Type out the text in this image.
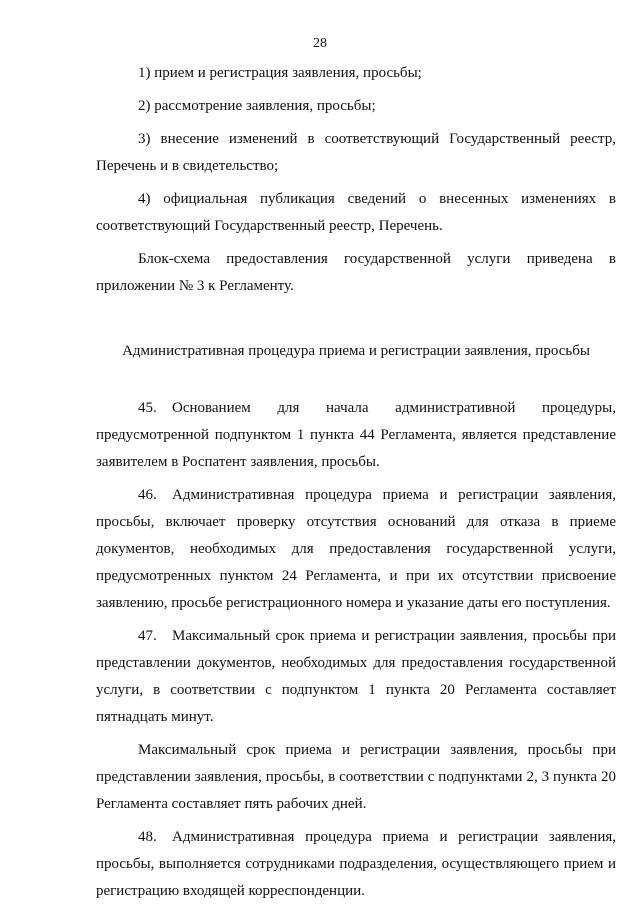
28

1) прием и регистрация заявления, просьбы;

2) рассмотрение заявления, просьбы;

3) внесение изменений в соответствующий Государственный реестр, Перечень и в свидетельство;

4) официальная публикация сведений о внесенных изменениях в соответствующий Государственный реестр, Перечень.

Блок-схема предоставления государственной услуги приведена в приложении № 3 к Регламенту.

Административная процедура приема и регистрации заявления, просьбы

45. Основанием для начала административной процедуры, предусмотренной подпунктом 1 пункта 44 Регламента, является представление заявителем в Роспатент заявления, просьбы.

46. Административная процедура приема и регистрации заявления, просьбы, включает проверку отсутствия оснований для отказа в приеме документов, необходимых для предоставления государственной услуги, предусмотренных пунктом 24 Регламента, и при их отсутствии присвоение заявлению, просьбе регистрационного номера и указание даты его поступления.

47. Максимальный срок приема и регистрации заявления, просьбы при представлении документов, необходимых для предоставления государственной услуги, в соответствии с подпунктом 1 пункта 20 Регламента составляет пятнадцать минут.

Максимальный срок приема и регистрации заявления, просьбы при представлении заявления, просьбы, в соответствии с подпунктами 2, 3 пункта 20 Регламента составляет пять рабочих дней.

48. Административная процедура приема и регистрации заявления, просьбы, выполняется сотрудниками подразделения, осуществляющего прием и регистрацию входящей корреспонденции.
